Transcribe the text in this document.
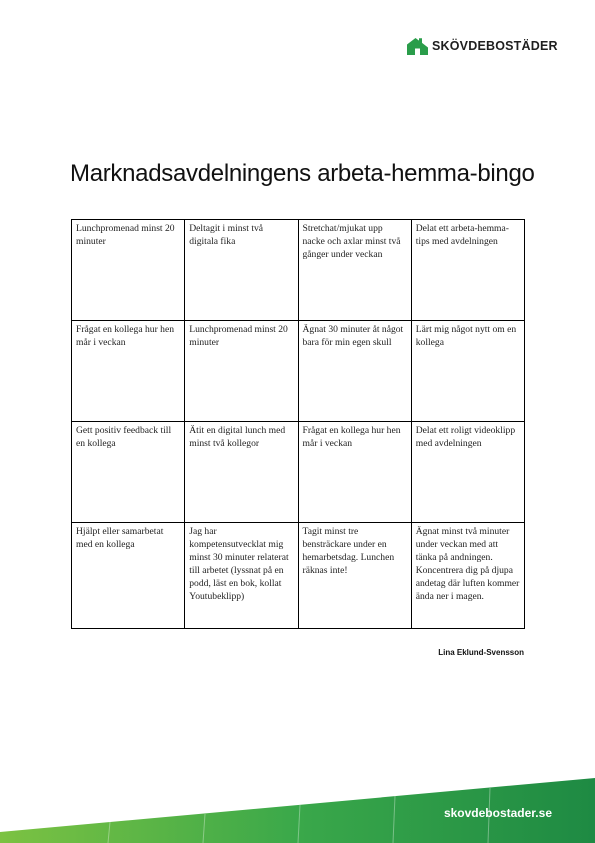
SKÖVDEBOSTÄDER
Marknadsavdelningens arbeta-hemma-bingo
Lunchpromenad minst 20 minuter	Deltagit i minst två digitala fika	Stretchat/mjukat upp nacke och axlar minst två gånger under veckan	Delat ett arbeta-hemma-tips med avdelningen
Frågat en kollega hur hen mår i veckan	Lunchpromenad minst 20 minuter	Ägnat 30 minuter åt något bara för min egen skull	Lärt mig något nytt om en kollega
Gett positiv feedback till en kollega	Ätit en digital lunch med minst två kollegor	Frågat en kollega hur hen mår i veckan	Delat ett roligt videoklipp med avdelningen
Hjälpt eller samarbetat med en kollega	Jag har kompetensutvecklat mig minst 30 minuter relaterat till arbetet (lyssnat på en podd, läst en bok, kollat Youtubeklipp)	Tagit minst tre bensträckare under en hemarbetsdag. Lunchen räknas inte!	Ägnat minst två minuter under veckan med att tänka på andningen. Koncentrera dig på djupa andetag där luften kommer ända ner i magen.
Lina Eklund-Svensson
skovdebostader.se
